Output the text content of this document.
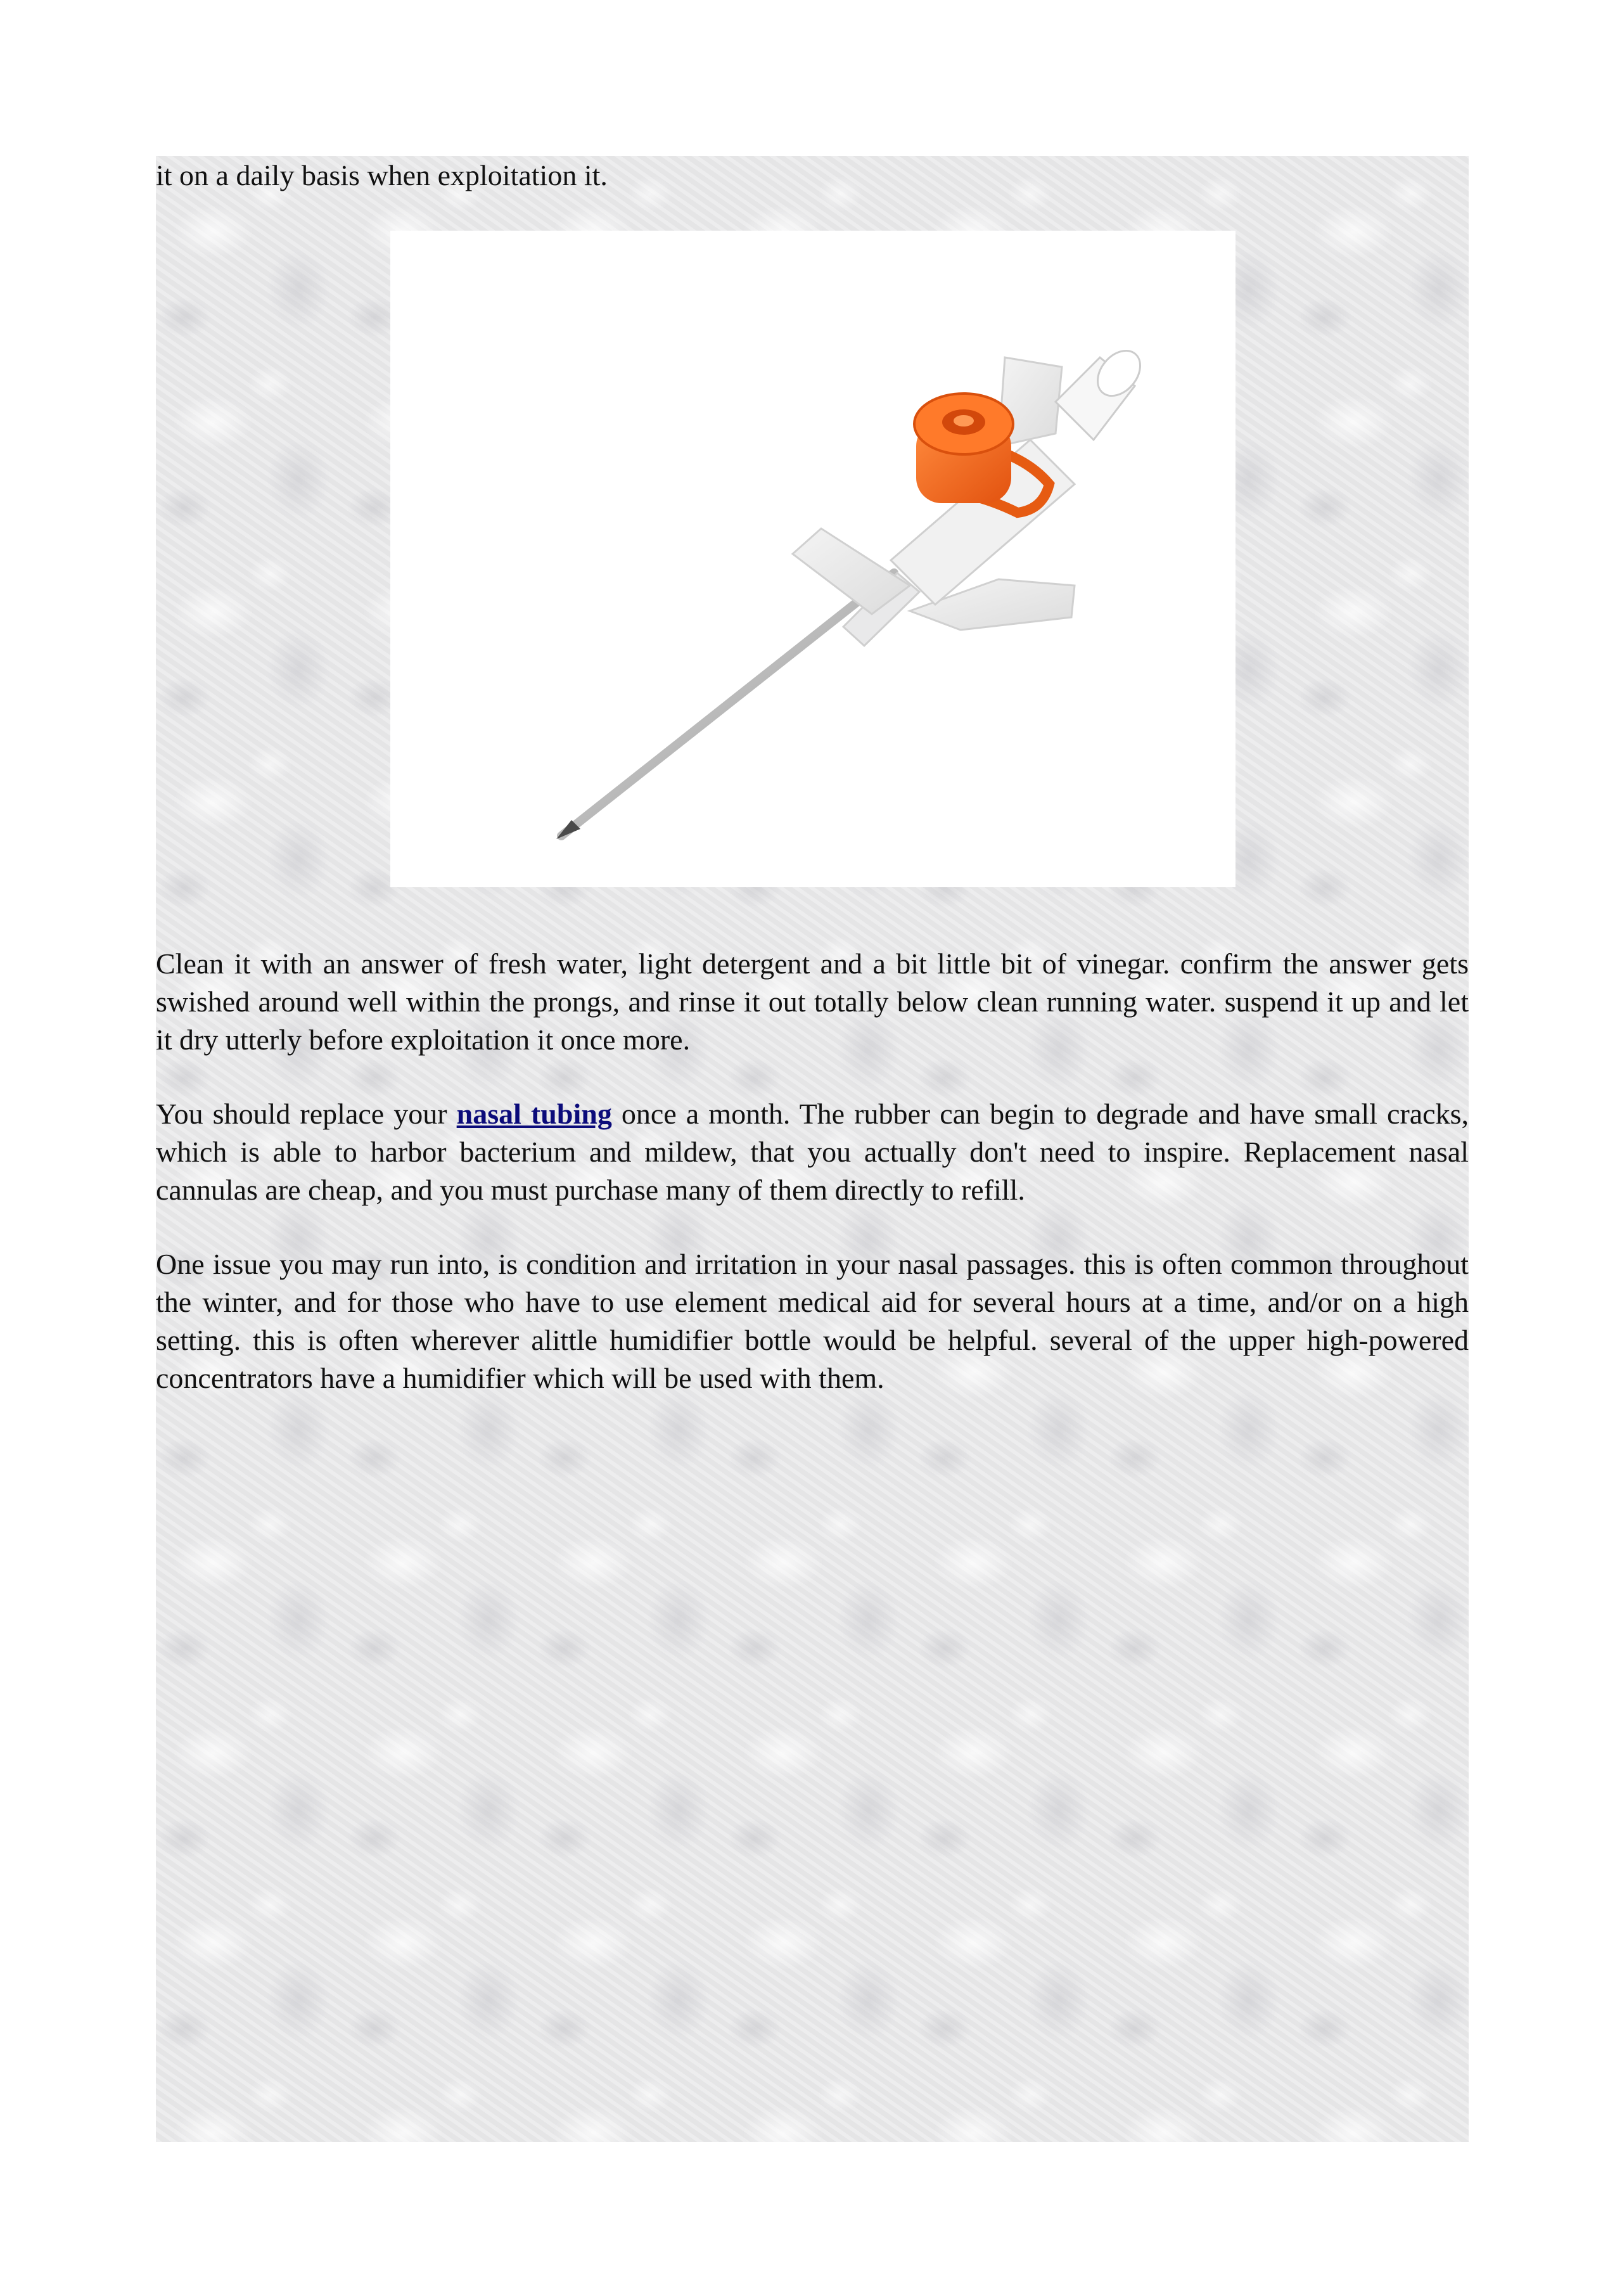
it on a daily basis when exploitation it.

Clean it with an answer of fresh water, light detergent and a bit little bit of vinegar. confirm the answer gets swished around well within the prongs, and rinse it out totally below clean running water. suspend it up and let it dry utterly before exploitation it once more.

You should replace your nasal tubing once a month. The rubber can begin to degrade and have small cracks, which is able to harbor bacterium and mildew, that you actually don't need to inspire. Replacement nasal cannulas are cheap, and you must purchase many of them directly to refill.

One issue you may run into, is condition and irritation in your nasal passages. this is often common throughout the winter, and for those who have to use element medical aid for several hours at a time, and/or on a high setting. this is often wherever alittle humidifier bottle would be helpful. several of the upper high-powered concentrators have a humidifier which will be used with them.
